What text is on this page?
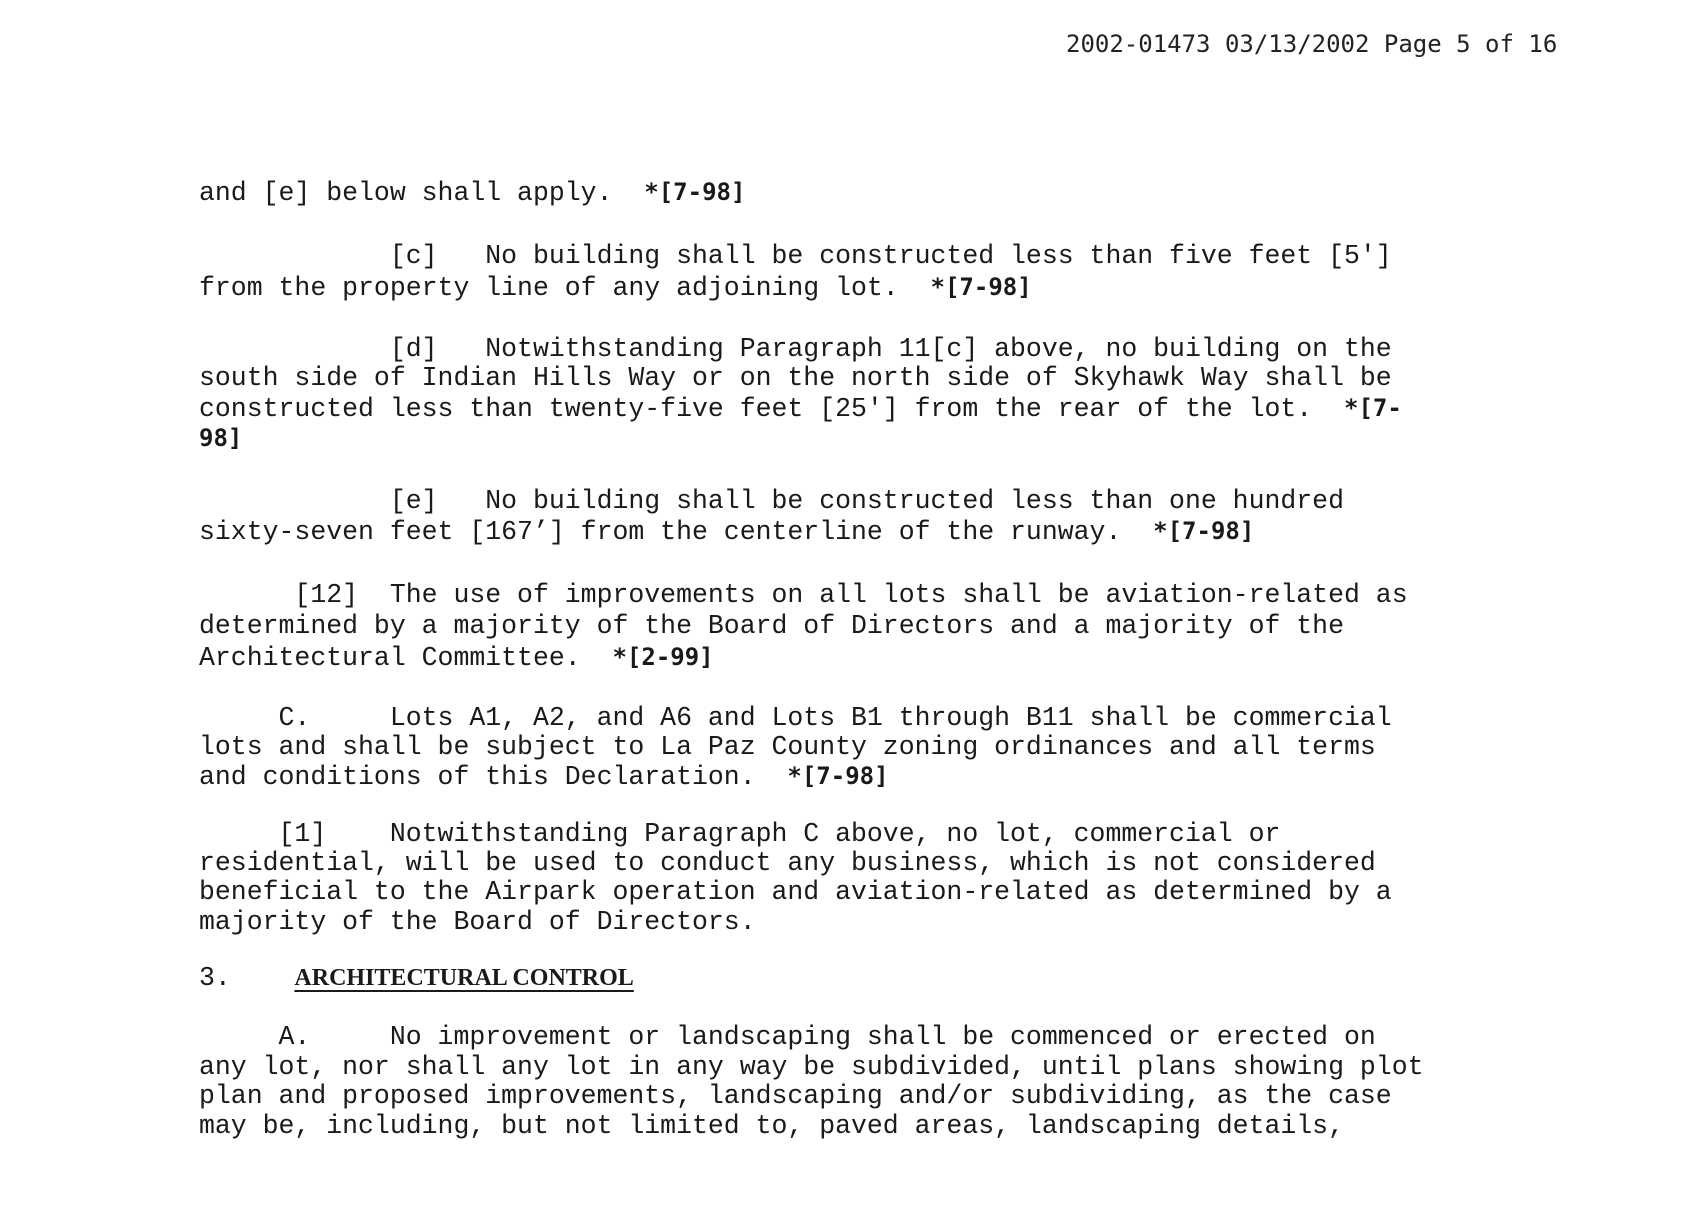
2002-01473 03/13/2002 Page 5 of 16
and [e] below shall apply.  *[7-98]
[c]   No building shall be constructed less than five feet [5']
from the property line of any adjoining lot.  *[7-98]
[d]   Notwithstanding Paragraph 11[c] above, no building on the
south side of Indian Hills Way or on the north side of Skyhawk Way shall be
constructed less than twenty-five feet [25'] from the rear of the lot.  *[7-
98]
[e]   No building shall be constructed less than one hundred
sixty-seven feet [167’] from the centerline of the runway.  *[7-98]
[12]  The use of improvements on all lots shall be aviation-related as
determined by a majority of the Board of Directors and a majority of the
Architectural Committee.  *[2-99]
C.     Lots A1, A2, and A6 and Lots B1 through B11 shall be commercial
lots and shall be subject to La Paz County zoning ordinances and all terms
and conditions of this Declaration.  *[7-98]
[1]    Notwithstanding Paragraph C above, no lot, commercial or
residential, will be used to conduct any business, which is not considered
beneficial to the Airpark operation and aviation-related as determined by a
majority of the Board of Directors.
3.    ARCHITECTURAL CONTROL
A.     No improvement or landscaping shall be commenced or erected on
any lot, nor shall any lot in any way be subdivided, until plans showing plot
plan and proposed improvements, landscaping and/or subdividing, as the case
may be, including, but not limited to, paved areas, landscaping details,
